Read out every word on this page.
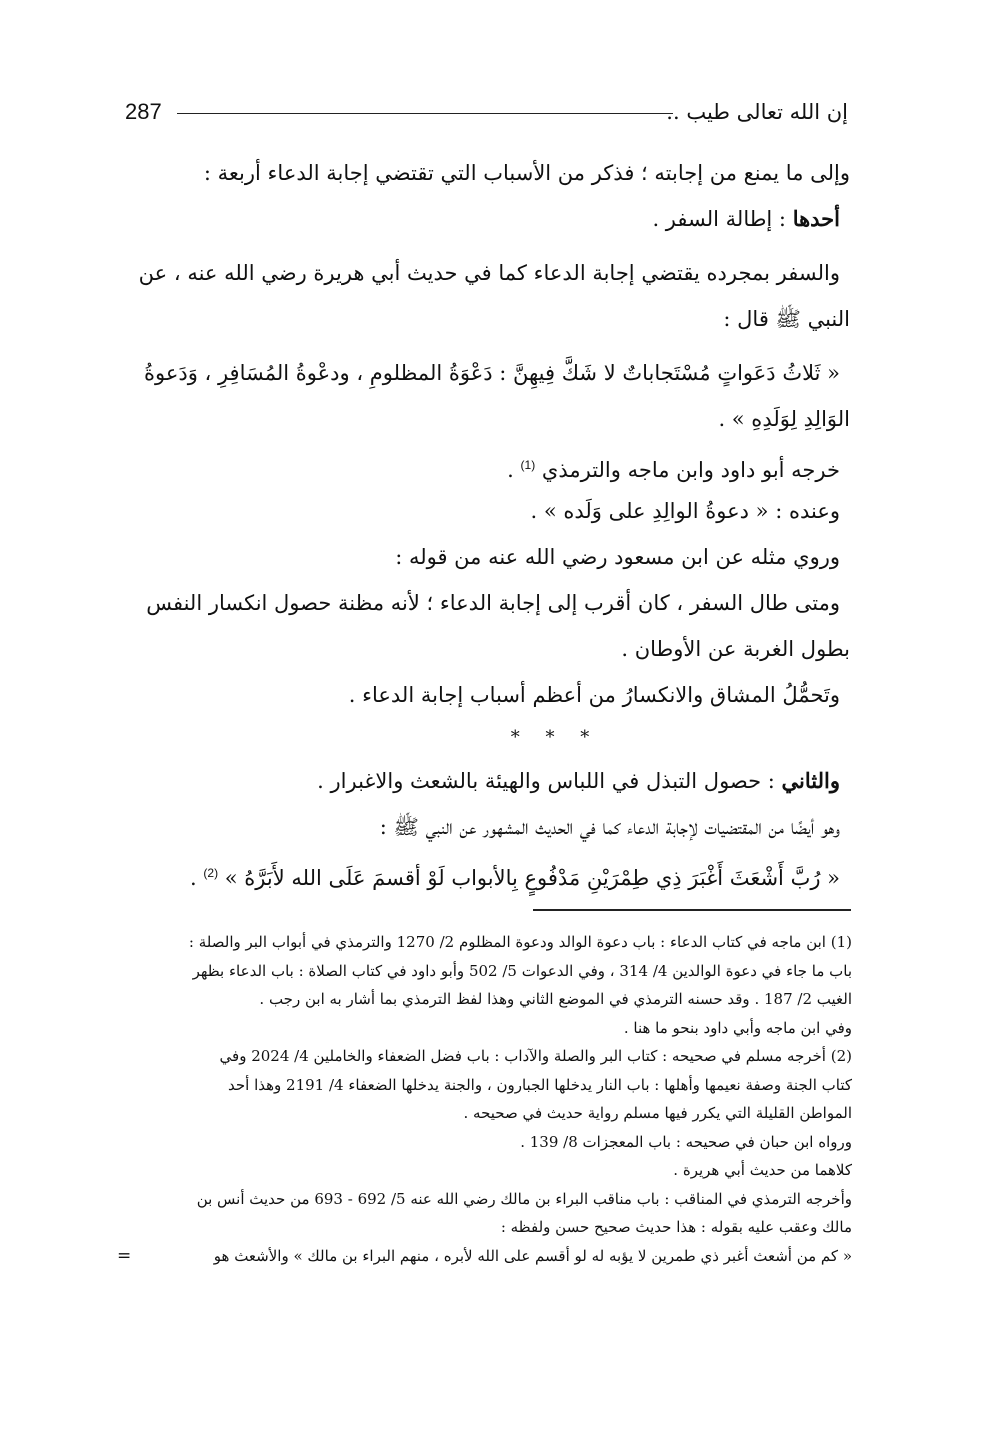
إن الله تعالى طيب ..
287
وإلى ما يمنع من إجابته ؛ فذكر من الأسباب التي تقتضي إجابة الدعاء أربعة :
أحدها : إطالة السفر .
والسفر بمجرده يقتضي إجابة الدعاء كما في حديث أبي هريرة رضي الله عنه ، عن
النبي ﷺ قال :
« ثَلاثُ دَعَواتٍ مُسْتَجاباتٌ لا شَكَّ فِيهِنَّ : دَعْوَةُ المظلومِ ، ودعْوةُ المُسَافِرِ ، وَدَعوةُ
الوَالِدِ لِوَلَدِهِ » .
خرجه أبو داود وابن ماجه والترمذي $^{(1)}$ .
وعنده : « دعوةُ الوالِدِ على وَلَده » .
وروي مثله عن ابن مسعود رضي الله عنه من قوله :
ومتى طال السفر ، كان أقرب إلى إجابة الدعاء ؛ لأنه مظنة حصول انكسار النفس
بطول الغربة عن الأوطان .
وتَحمُّلُ المشاق والانكسارُ من أعظم أسباب إجابة الدعاء .
* * *
والثاني : حصول التبذل في اللباس والهيئة بالشعث والاغبرار .
وهو أيضًا من المقتضيات لإجابة الدعاء كما في الحديث المشهور عن النبي ﷺ :
« رُبَّ أَشْعَثَ أَغْبَرَ ذِي طِمْرَيْنِ مَدْفُوعٍ بِالأبواب لَوْ أقسمَ عَلَى الله لأَبَرَّهُ » $^{(2)}$ .
(1) ابن ماجه في كتاب الدعاء : باب دعوة الوالد ودعوة المظلوم 2/ 1270 والترمذي في أبواب البر والصلة :
باب ما جاء في دعوة الوالدين 4/ 314 ، وفي الدعوات 5/ 502 وأبو داود في كتاب الصلاة : باب الدعاء بظهر
الغيب 2/ 187 . وقد حسنه الترمذي في الموضع الثاني وهذا لفظ الترمذي بما أشار به ابن رجب .
وفي ابن ماجه وأبي داود بنحو ما هنا .
(2) أخرجه مسلم في صحيحه : كتاب البر والصلة والآداب : باب فضل الضعفاء والخاملين 4/ 2024 وفي
كتاب الجنة وصفة نعيمها وأهلها : باب النار يدخلها الجبارون ، والجنة يدخلها الضعفاء 4/ 2191 وهذا أحد
المواطن القليلة التي يكرر فيها مسلم رواية حديث في صحيحه .
ورواه ابن حبان في صحيحه : باب المعجزات 8/ 139 .
كلاهما من حديث أبي هريرة .
وأخرجه الترمذي في المناقب : باب مناقب البراء بن مالك رضي الله عنه 5/ 692 - 693 من حديث أنس بن
مالك وعقب عليه بقوله : هذا حديث صحيح حسن ولفظه :
« كم من أشعث أغبر ذي طمرين لا يؤبه له لو أقسم على الله لأبره ، منهم البراء بن مالك » والأشعث هو
=
